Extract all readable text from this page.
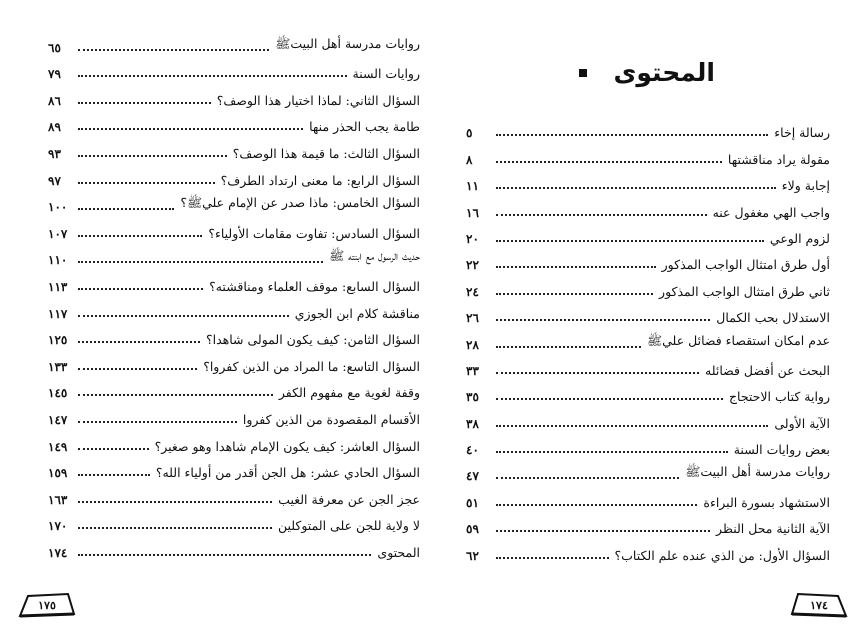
روايات مدرسة أهل البيتﷺ
٦٥
روايات السنة
٧٩
السؤال الثاني: لماذا اختيار هذا الوصف؟
٨٦
طامة يجب الحذر منها
٨٩
السؤال الثالث: ما قيمة هذا الوصف؟
٩٣
السؤال الرابع: ما معنى ارتداد الطرف؟
٩٧
السؤال الخامس: ماذا صدر عن الإمام عليﷺ؟
١٠٠
السؤال السادس: تفاوت مقامات الأولياء؟
١٠٧
حديث الرسول مع ابنته ﷺ
١١٠
السؤال السابع: موقف العلماء ومناقشته؟
١١٣
مناقشة كلام ابن الجوزي
١١٧
السؤال الثامن: كيف يكون المولى شاهدا؟
١٢٥
السؤال التاسع: ما المراد من الذين كفروا؟
١٣٣
وقفة لغوية مع مفهوم الكفر
١٤٥
الأقسام المقصودة من الذين كفروا
١٤٧
السؤال العاشر: كيف يكون الإمام شاهدا وهو صغير؟
١٤٩
السؤال الحادي عشر: هل الجن أقدر من أولياء الله؟
١٥٩
عجز الجن عن معرفة الغيب
١٦٣
لا ولاية للجن على المتوكلين
١٧٠
المحتوى
١٧٤
١٧٥
المحتوى
رسالة إخاء
٥
مقولة يراد مناقشتها
٨
إجابة ولاء
١١
واجب الهي مغفول عنه
١٦
لزوم الوعي
٢٠
أول طرق امتثال الواجب المذكور
٢٢
ثاني طرق امتثال الواجب المذكور
٢٤
الاستدلال بحب الكمال
٢٦
عدم امكان استقصاء فضائل عليﷺ
٢٨
البحث عن أفضل فضائله
٣٣
رواية كتاب الاحتجاج
٣٥
الآية الأولى
٣٨
بعض روايات السنة
٤٠
روايات مدرسة أهل البيتﷺ
٤٧
الاستشهاد بسورة البراءة
٥١
الآية الثانية محل النظر
٥٩
السؤال الأول: من الذي عنده علم الكتاب؟
٦٢
١٧٤
